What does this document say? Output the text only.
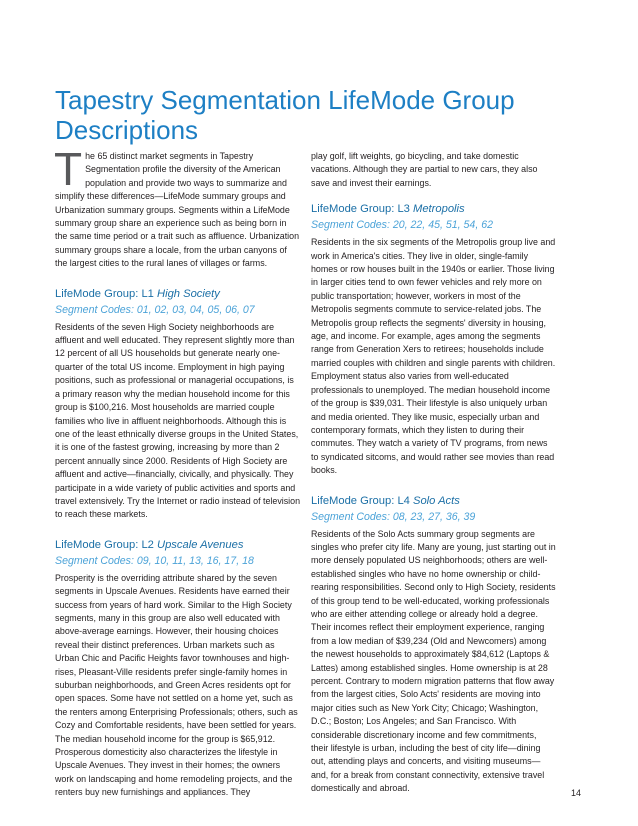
Tapestry Segmentation LifeMode Group Descriptions

The 65 distinct market segments in Tapestry Segmentation profile the diversity of the American population and provide two ways to summarize and simplify these differences—LifeMode summary groups and Urbanization summary groups. Segments within a LifeMode summary group share an experience such as being born in the same time period or a trait such as affluence. Urbanization summary groups share a locale, from the urban canyons of the largest cities to the rural lanes of villages or farms.

LifeMode Group: L1 High Society
Segment Codes: 01, 02, 03, 04, 05, 06, 07

Residents of the seven High Society neighborhoods are affluent and well educated. They represent slightly more than 12 percent of all US households but generate nearly one-quarter of the total US income. Employment in high paying positions, such as professional or managerial occupations, is a primary reason why the median household income for this group is $100,216. Most households are married couple families who live in affluent neighborhoods. Although this is one of the least ethnically diverse groups in the United States, it is one of the fastest growing, increasing by more than 2 percent annually since 2000. Residents of High Society are affluent and active—financially, civically, and physically. They participate in a wide variety of public activities and sports and travel extensively. Try the Internet or radio instead of television to reach these markets.

LifeMode Group: L2 Upscale Avenues
Segment Codes: 09, 10, 11, 13, 16, 17, 18

Prosperity is the overriding attribute shared by the seven segments in Upscale Avenues. Residents have earned their success from years of hard work. Similar to the High Society segments, many in this group are also well educated with above-average earnings. However, their housing choices reveal their distinct preferences. Urban markets such as Urban Chic and Pacific Heights favor townhouses and high-rises, Pleasant-Ville residents prefer single-family homes in suburban neighborhoods, and Green Acres residents opt for open spaces. Some have not settled on a home yet, such as the renters among Enterprising Professionals; others, such as Cozy and Comfortable residents, have been settled for years. The median household income for the group is $65,912. Prosperous domesticity also characterizes the lifestyle in Upscale Avenues. They invest in their homes; the owners work on landscaping and home remodeling projects, and the renters buy new furnishings and appliances. They

play golf, lift weights, go bicycling, and take domestic vacations. Although they are partial to new cars, they also save and invest their earnings.

LifeMode Group: L3 Metropolis
Segment Codes: 20, 22, 45, 51, 54, 62

Residents in the six segments of the Metropolis group live and work in America's cities. They live in older, single-family homes or row houses built in the 1940s or earlier. Those living in larger cities tend to own fewer vehicles and rely more on public transportation; however, workers in most of the Metropolis segments commute to service-related jobs. The Metropolis group reflects the segments' diversity in housing, age, and income. For example, ages among the segments range from Generation Xers to retirees; households include married couples with children and single parents with children. Employment status also varies from well-educated professionals to unemployed. The median household income of the group is $39,031. Their lifestyle is also uniquely urban and media oriented. They like music, especially urban and contemporary formats, which they listen to during their commutes. They watch a variety of TV programs, from news to syndicated sitcoms, and would rather see movies than read books.

LifeMode Group: L4 Solo Acts
Segment Codes: 08, 23, 27, 36, 39

Residents of the Solo Acts summary group segments are singles who prefer city life. Many are young, just starting out in more densely populated US neighborhoods; others are well-established singles who have no home ownership or child-rearing responsibilities. Second only to High Society, residents of this group tend to be well-educated, working professionals who are either attending college or already hold a degree. Their incomes reflect their employment experience, ranging from a low median of $39,234 (Old and Newcomers) among the newest households to approximately $84,612 (Laptops & Lattes) among established singles. Home ownership is at 28 percent. Contrary to modern migration patterns that flow away from the largest cities, Solo Acts' residents are moving into major cities such as New York City; Chicago; Washington, D.C.; Boston; Los Angeles; and San Francisco. With considerable discretionary income and few commitments, their lifestyle is urban, including the best of city life—dining out, attending plays and concerts, and visiting museums—and, for a break from constant connectivity, extensive travel domestically and abroad.	14
